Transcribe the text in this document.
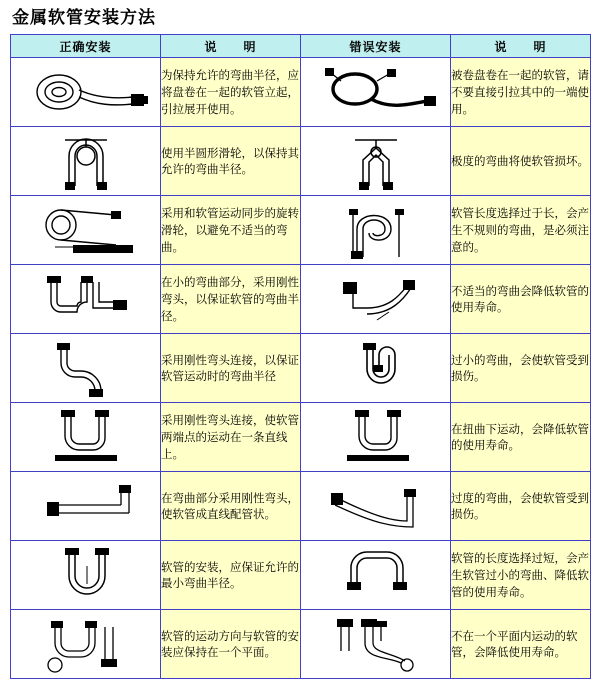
金属软管安装方法
正确安装	说　　明	错误安装	说　　明

	为保持允许的弯曲半径，应将盘卷在一起的软管立起，引拉展开使用。		被卷盘卷在一起的软管，请不要直接引拉其中的一端使用。

	使用半圆形滑轮，以保持其允许的弯曲半径。		极度的弯曲将使软管损坏。

	采用和软管运动同步的旋转滑轮，以避免不适当的弯曲。		软管长度选择过于长，会产生不规则的弯曲，是必须注意的。

	在小的弯曲部分，采用刚性弯头，以保证软管的弯曲半径。		不适当的弯曲会降低软管的使用寿命。

	采用刚性弯头连接，以保证软管运动时的弯曲半径		过小的弯曲，会使软管受到损伤。

	采用刚性弯头连接，使软管两端点的运动在一条直线上。		在扭曲下运动，会降低软管的使用寿命。

	在弯曲部分采用刚性弯头，使软管成直线配管状。		过度的弯曲，会使软管受到损伤。

	软管的安装，应保证允许的最小弯曲半径。		软管的长度选择过短，会产生软管过小的弯曲、降低软管的使用寿命。

	软管的运动方向与软管的安装应保持在一个平面。		不在一个平面内运动的软管，会降低使用寿命。
